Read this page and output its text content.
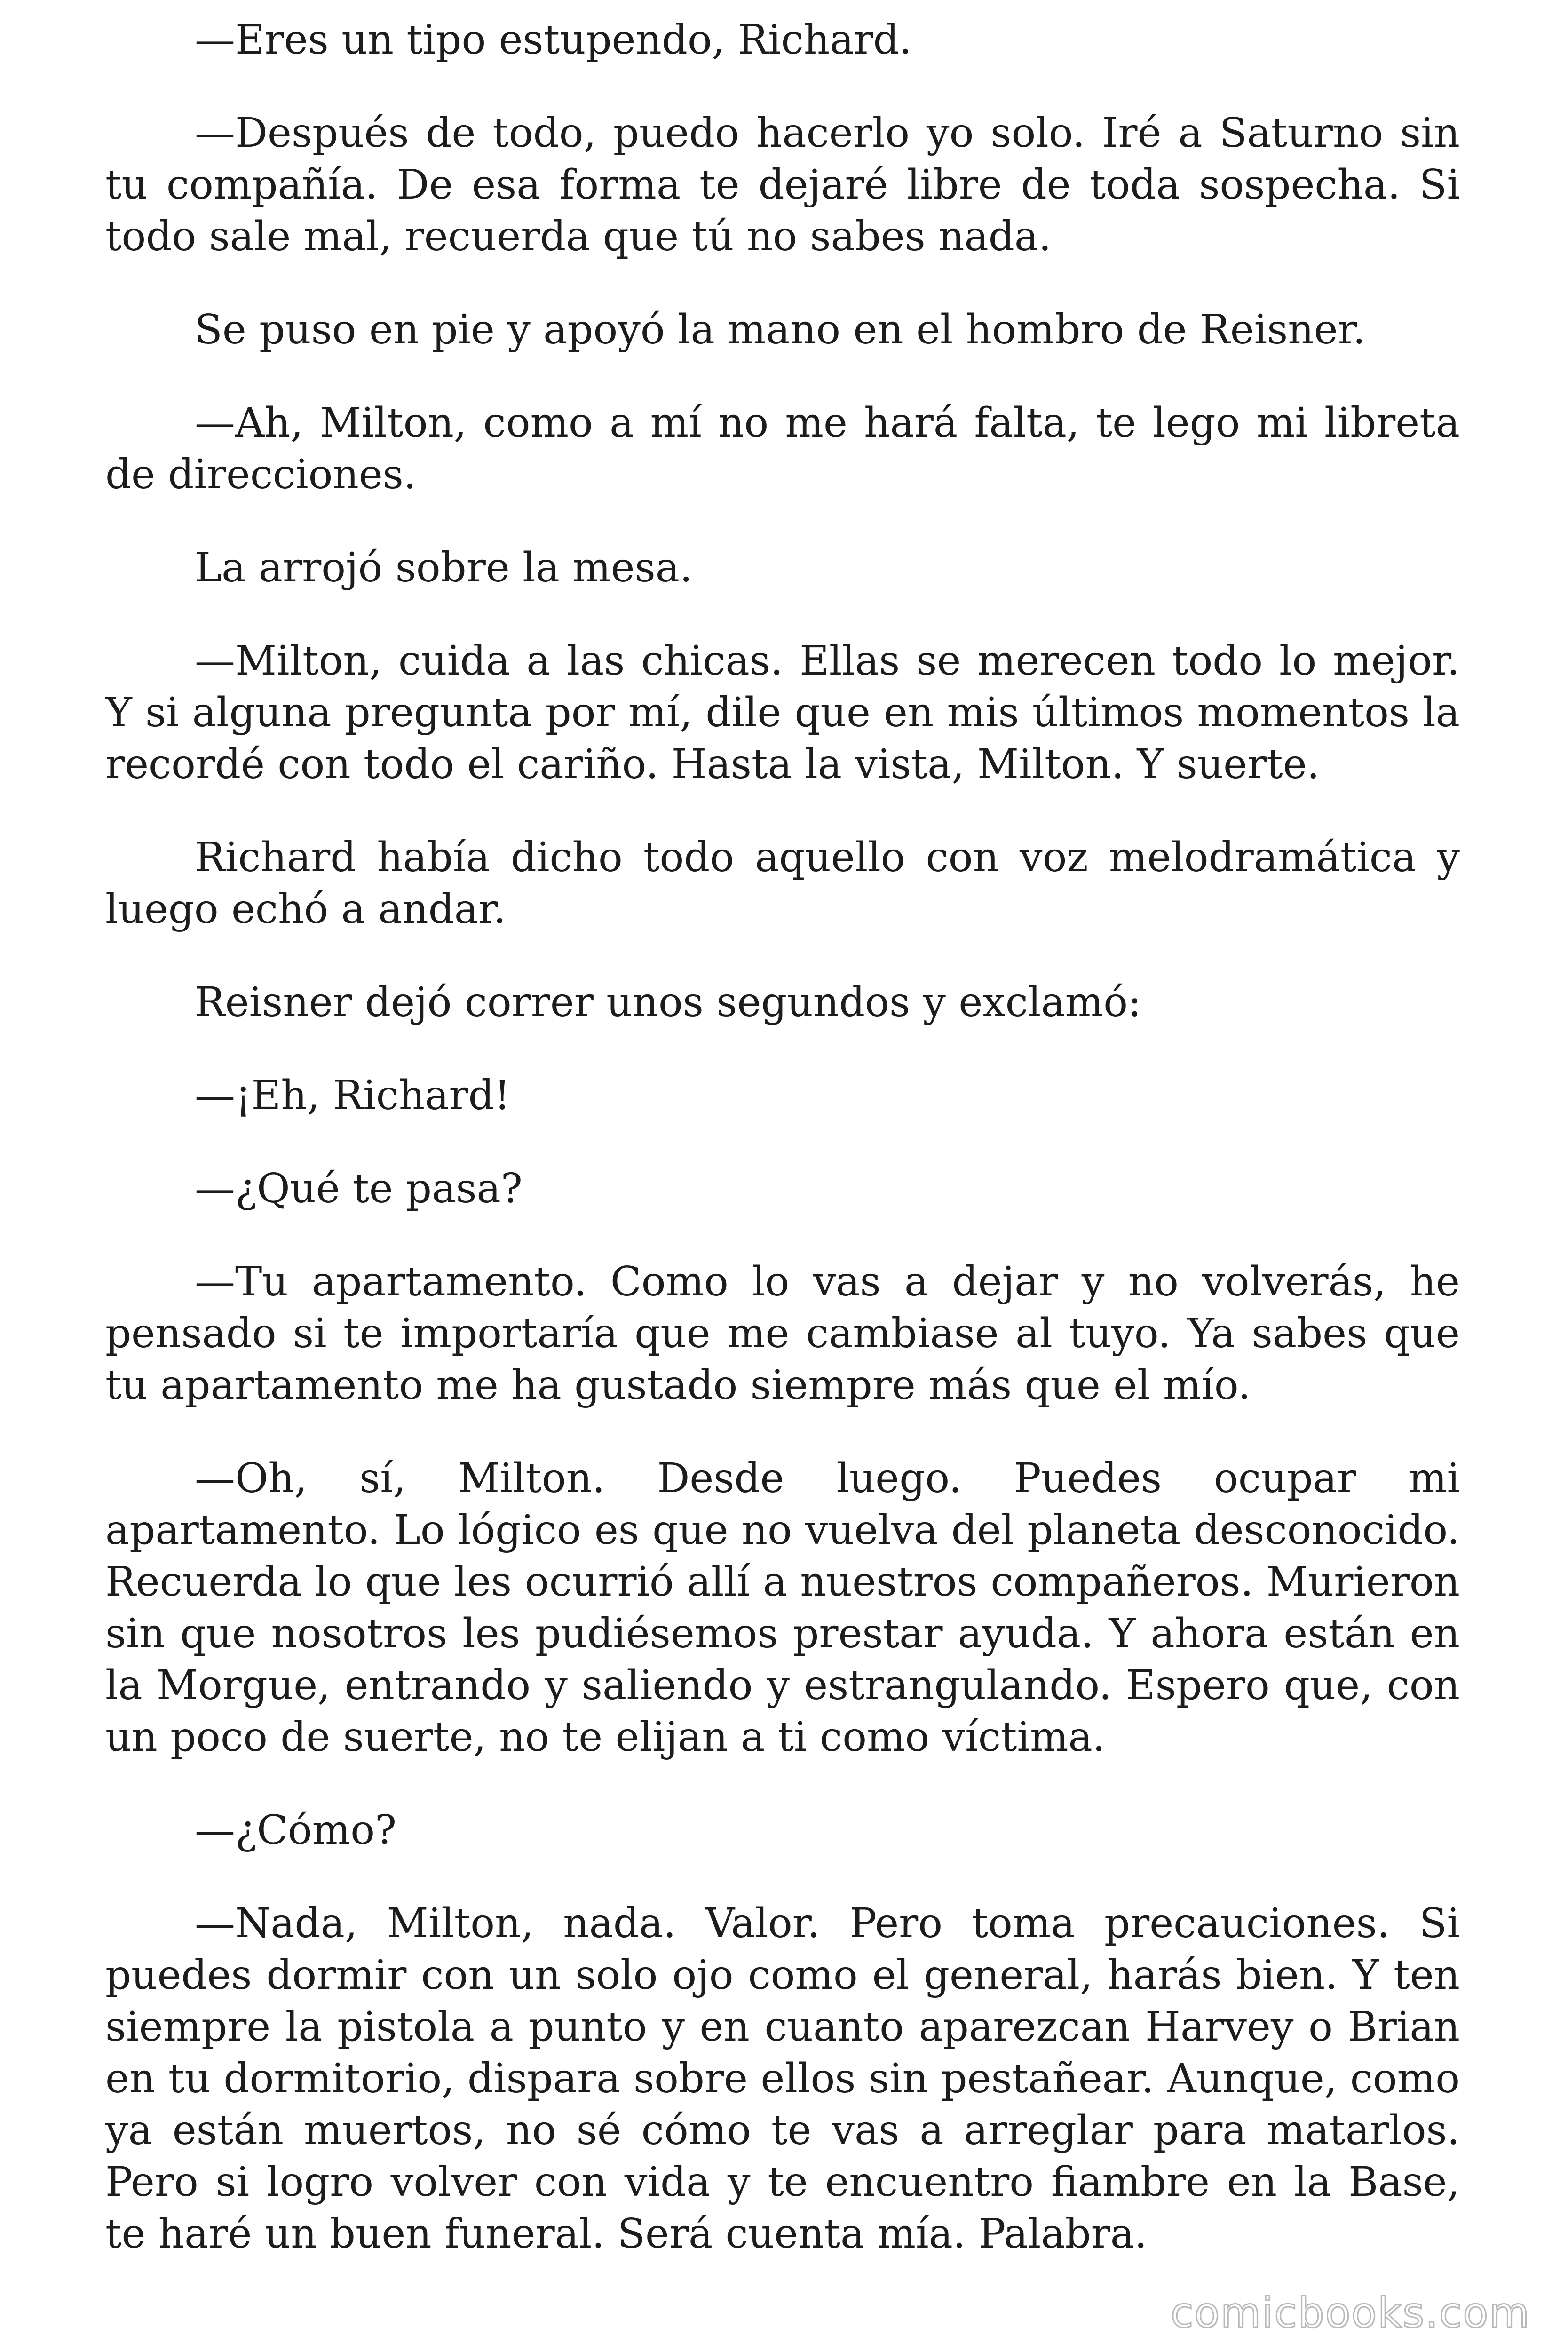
—Eres un tipo estupendo, Richard.

—Después de todo, puedo hacerlo yo solo. Iré a Saturno sin tu compañía. De esa forma te dejaré libre de toda sospecha. Si todo sale mal, recuerda que tú no sabes nada.

Se puso en pie y apoyó la mano en el hombro de Reisner.

—Ah, Milton, como a mí no me hará falta, te lego mi libreta de direcciones.

La arrojó sobre la mesa.

—Milton, cuida a las chicas. Ellas se merecen todo lo mejor. Y si alguna pregunta por mí, dile que en mis últimos momentos la recordé con todo el cariño. Hasta la vista, Milton. Y suerte.

Richard había dicho todo aquello con voz melodramática y luego echó a andar.

Reisner dejó correr unos segundos y exclamó:

—¡Eh, Richard!

—¿Qué te pasa?

—Tu apartamento. Como lo vas a dejar y no volverás, he pensado si te importaría que me cambiase al tuyo. Ya sabes que tu apartamento me ha gustado siempre más que el mío.

—Oh, sí, Milton. Desde luego. Puedes ocupar mi apartamento. Lo lógico es que no vuelva del planeta desconocido. Recuerda lo que les ocurrió allí a nuestros compañeros. Murieron sin que nosotros les pudiésemos prestar ayuda. Y ahora están en la Morgue, entrando y saliendo y estrangulando. Espero que, con un poco de suerte, no te elijan a ti como víctima.

—¿Cómo?

—Nada, Milton, nada. Valor. Pero toma precauciones. Si puedes dormir con un solo ojo como el general, harás bien. Y ten siempre la pistola a punto y en cuanto aparezcan Harvey o Brian en tu dormitorio, dispara sobre ellos sin pestañear. Aunque, como ya están muertos, no sé cómo te vas a arreglar para matarlos. Pero si logro volver con vida y te encuentro fiambre en la Base, te haré un buen funeral. Será cuenta mía. Palabra.

comicbooks.com
